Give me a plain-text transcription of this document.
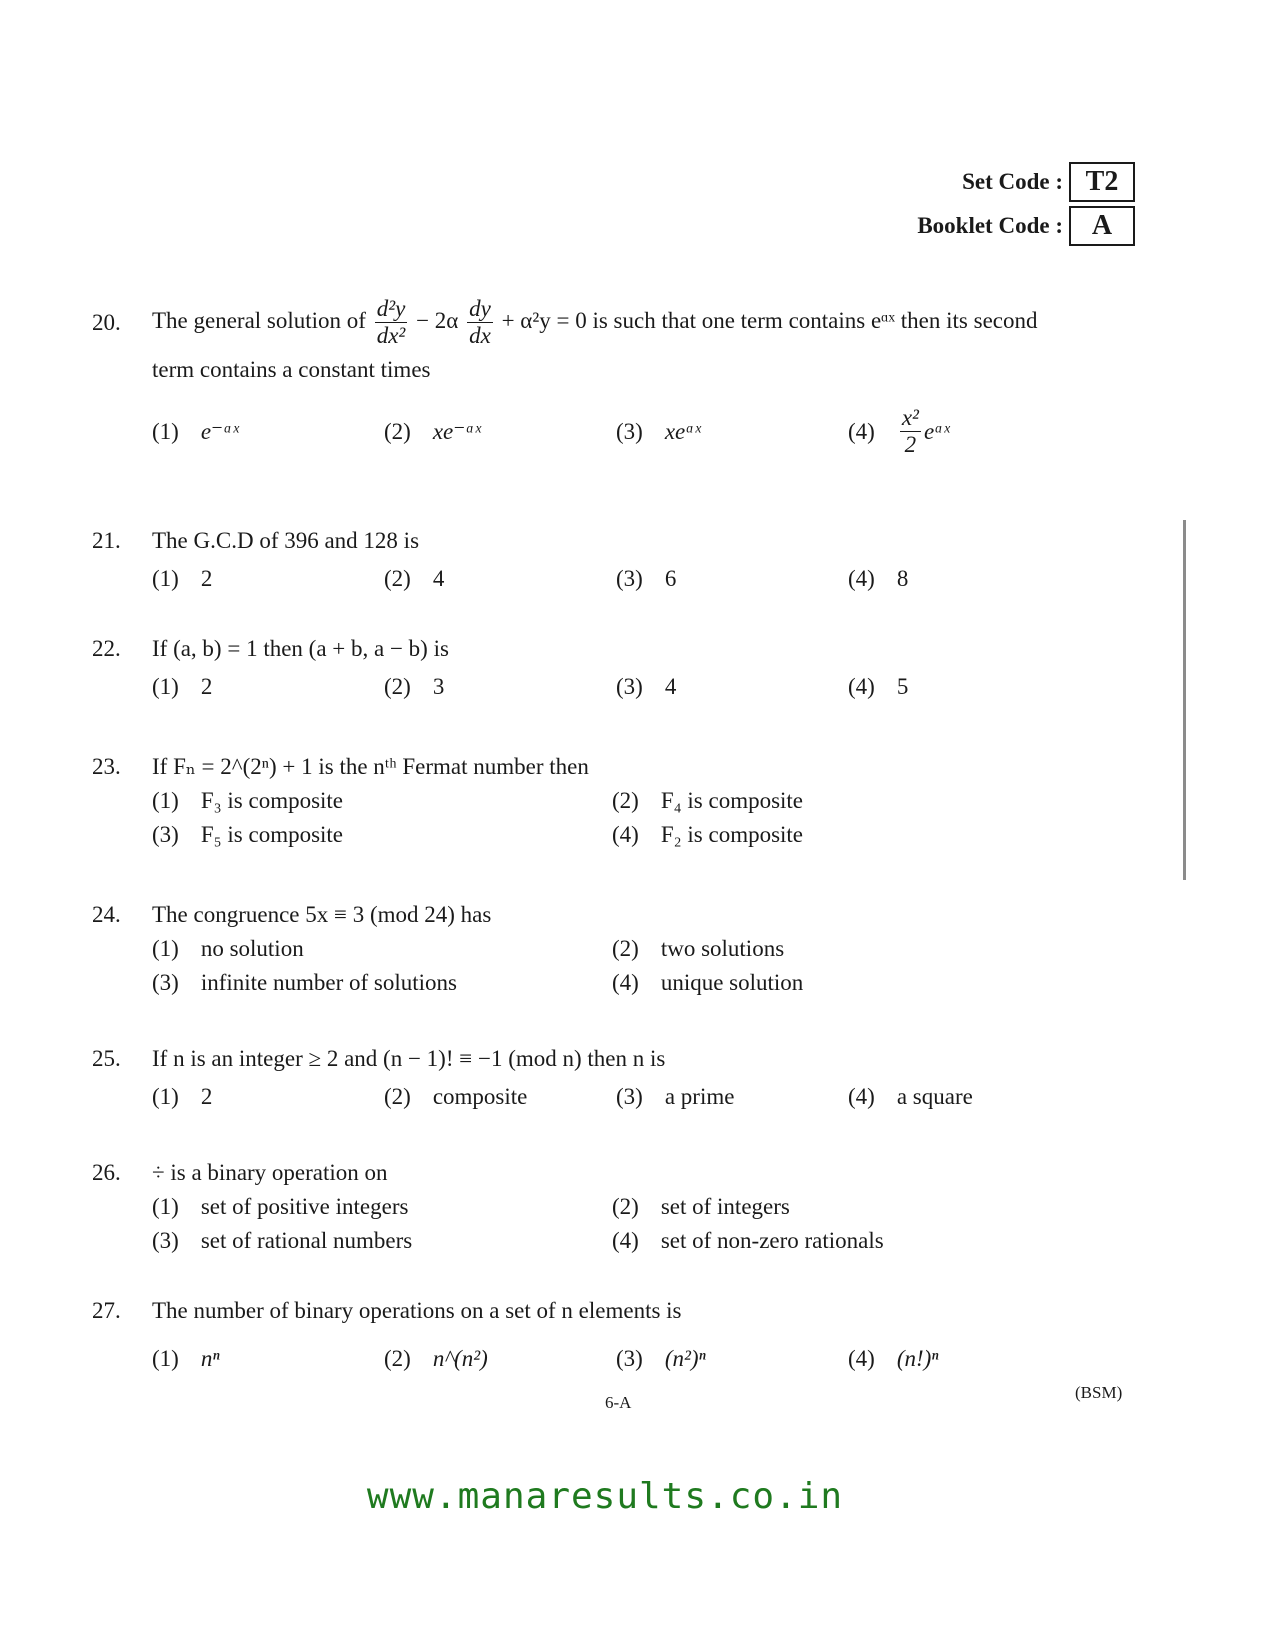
Set Code : T2
Booklet Code :	A
20.	The general solution of $\frac{\text{d²y}}{\text{dx²}} - 2\alpha \frac{dy}{dx} + \alpha^2y = 0$ is such that one term contains eᵅˣ then its second
term contains a constant times
(1) e⁻ᵅˣ	(2) xe⁻ᵅˣ	(3) xeᵅˣ	$(4) \frac{\text{x²}}{2}$ eᵅˣ
21.	The G.C.D of 396 and 128 is
(1) 2	(2) 4	(3) 6	(4) 8
22.	If (a, b) = 1 then (a + b, a − b) is
(1) 2	(2) 3	(3) 4	(4) 5
23.	If Fₙ = 2^(2ⁿ) + 1 is the nᵗʰ Fermat number then
(1) F₃ is composite	(2) F₄ is composite
(3) F₅ is composite	(4) F₂ is composite
24.	The congruence 5x ≡ 3 (mod 24) has
(1) no solution	(2) two solutions
(3) infinite number of solutions	(4) unique solution
25.	If n is an integer ≥ 2 and (n − 1)! ≡ −1 (mod n) then n is
(1) 2	(2) composite	(3) a prime	(4) a square
26.	÷ is a binary operation on
(1) set of positive integers	(2) set of integers
(3) set of rational numbers	(4) set of non-zero rationals
27.	The number of binary operations on a set of n elements is
(1) nⁿ	(2) n^(n²)	(3) (n²)ⁿ	(4) (n!)ⁿ
6-A
(BSM)
www.manaresults.co.in
